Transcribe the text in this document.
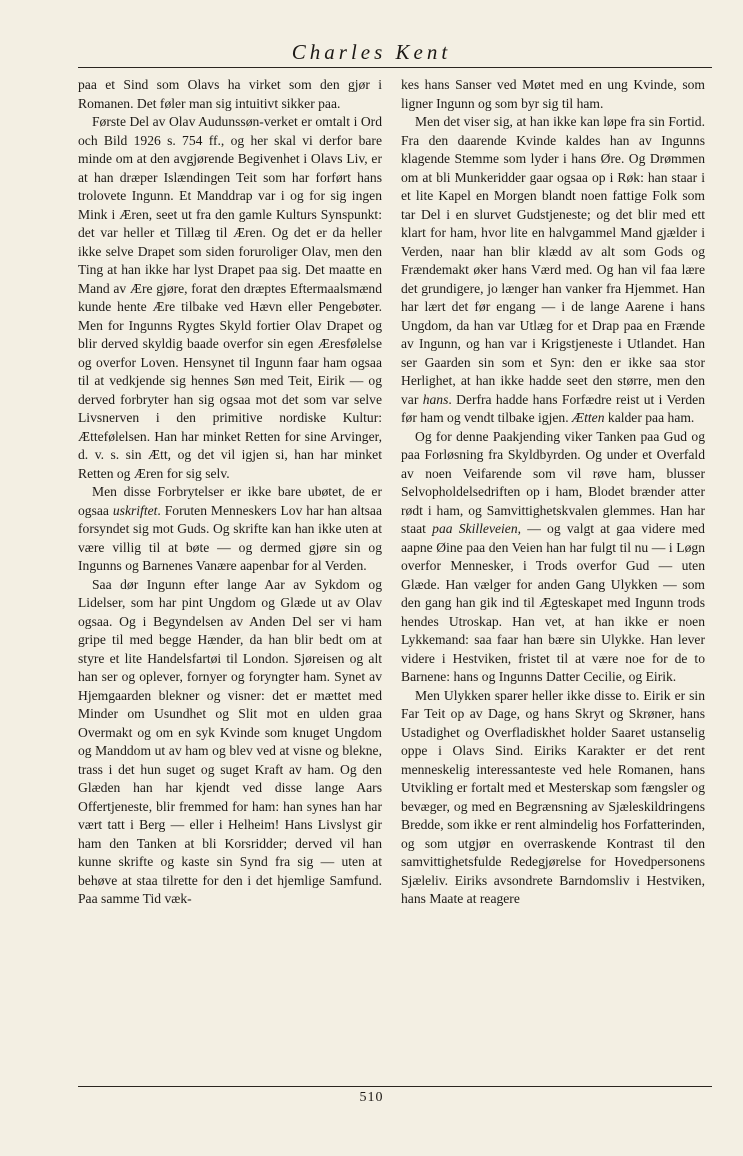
Charles Kent

paa et Sind som Olavs ha virket som den gjør i Romanen. Det føler man sig intuitivt sikker paa.

Første Del av Olav Audunssøn-verket er omtalt i Ord och Bild 1926 s. 754 ff., og her skal vi derfor bare minde om at den avgjørende Begivenhet i Olavs Liv, er at han dræper Islændingen Teit som har forført hans trolovete Ingunn. Et Manddrap var i og for sig ingen Mink i Æren, seet ut fra den gamle Kulturs Synspunkt: det var heller et Tillæg til Æren. Og det er da heller ikke selve Drapet som siden foruroliger Olav, men den Ting at han ikke har lyst Drapet paa sig. Det maatte en Mand av Ære gjøre, forat den dræptes Eftermaalsmænd kunde hente Ære tilbake ved Hævn eller Pengebøter. Men for Ingunns Rygtes Skyld fortier Olav Drapet og blir derved skyldig baade overfor sin egen Æresfølelse og overfor Loven. Hensynet til Ingunn faar ham ogsaa til at vedkjende sig hennes Søn med Teit, Eirik — og derved forbryter han sig ogsaa mot det som var selve Livsnerven i den primitive nordiske Kultur: Ættefølelsen. Han har minket Retten for sine Arvinger, d. v. s. sin Ætt, og det vil igjen si, han har minket Retten og Æren for sig selv.

Men disse Forbrytelser er ikke bare ubøtet, de er ogsaa uskriftet. Foruten Menneskers Lov har han altsaa forsyndet sig mot Guds. Og skrifte kan han ikke uten at være villig til at bøte — og dermed gjøre sin og Ingunns og Barnenes Vanære aapenbar for al Verden.

Saa dør Ingunn efter lange Aar av Sykdom og Lidelser, som har pint Ungdom og Glæde ut av Olav ogsaa. Og i Begyndelsen av Anden Del ser vi ham gripe til med begge Hænder, da han blir bedt om at styre et lite Handelsfartøi til London. Sjøreisen og alt han ser og oplever, fornyer og foryngter ham. Synet av Hjemgaarden blekner og visner: det er mættet med Minder om Usundhet og Slit mot en ulden graa Overmakt og om en syk Kvinde som knuget Ungdom og Manddom ut av ham og blev ved at visne og blekne, trass i det hun suget og suget Kraft av ham. Og den Glæden han har kjendt ved disse lange Aars Offertjeneste, blir fremmed for ham: han synes han har vært tatt i Berg — eller i Helheim! Hans Livslyst gir ham den Tanken at bli Korsridder; derved vil han kunne skrifte og kaste sin Synd fra sig — uten at behøve at staa tilrette for den i det hjemlige Samfund. Paa samme Tid væk-

kes hans Sanser ved Møtet med en ung Kvinde, som ligner Ingunn og som byr sig til ham.

Men det viser sig, at han ikke kan løpe fra sin Fortid. Fra den daarende Kvinde kaldes han av Ingunns klagende Stemme som lyder i hans Øre. Og Drømmen om at bli Munkeridder gaar ogsaa op i Røk: han staar i et lite Kapel en Morgen blandt noen fattige Folk som tar Del i en slurvet Gudstjeneste; og det blir med ett klart for ham, hvor lite en halvgammel Mand gjælder i Verden, naar han blir klædd av alt som Gods og Frændemakt øker hans Værd med. Og han vil faa lære det grundigere, jo længer han vanker fra Hjemmet. Han har lært det før engang — i de lange Aarene i hans Ungdom, da han var Utlæg for et Drap paa en Frænde av Ingunn, og han var i Krigstjeneste i Utlandet. Han ser Gaarden sin som et Syn: den er ikke saa stor Herlighet, at han ikke hadde seet den større, men den var hans. Derfra hadde hans Forfædre reist ut i Verden før ham og vendt tilbake igjen. Ætten kalder paa ham.

Og for denne Paakjending viker Tanken paa Gud og paa Forløsning fra Skyldbyrden. Og under et Overfald av noen Veifarende som vil røve ham, blusser Selvopholdelsedriften op i ham, Blodet brænder atter rødt i ham, og Samvittighetskvalen glemmes. Han har staat paa Skilleveien, — og valgt at gaa videre med aapne Øine paa den Veien han har fulgt til nu — i Løgn overfor Mennesker, i Trods overfor Gud — uten Glæde. Han vælger for anden Gang Ulykken — som den gang han gik ind til Ægteskapet med Ingunn trods hendes Utroskap. Han vet, at han ikke er noen Lykkemand: saa faar han bære sin Ulykke. Han lever videre i Hestviken, fristet til at være noe for de to Barnene: hans og Ingunns Datter Cecilie, og Eirik.

Men Ulykken sparer heller ikke disse to. Eirik er sin Far Teit op av Dage, og hans Skryt og Skrøner, hans Ustadighet og Overfladiskhet holder Saaret ustanselig oppe i Olavs Sind. Eiriks Karakter er det rent menneskelig interessanteste ved hele Romanen, hans Utvikling er fortalt med et Mesterskap som fængsler og bevæger, og med en Begrænsning av Sjæleskildringens Bredde, som ikke er rent almindelig hos Forfatterinden, og som utgjør en overraskende Kontrast til den samvittighetsfulde Redegjørelse for Hovedpersonens Sjæleliv. Eiriks avsondrete Barndomsliv i Hestviken, hans Maate at reagere

510
